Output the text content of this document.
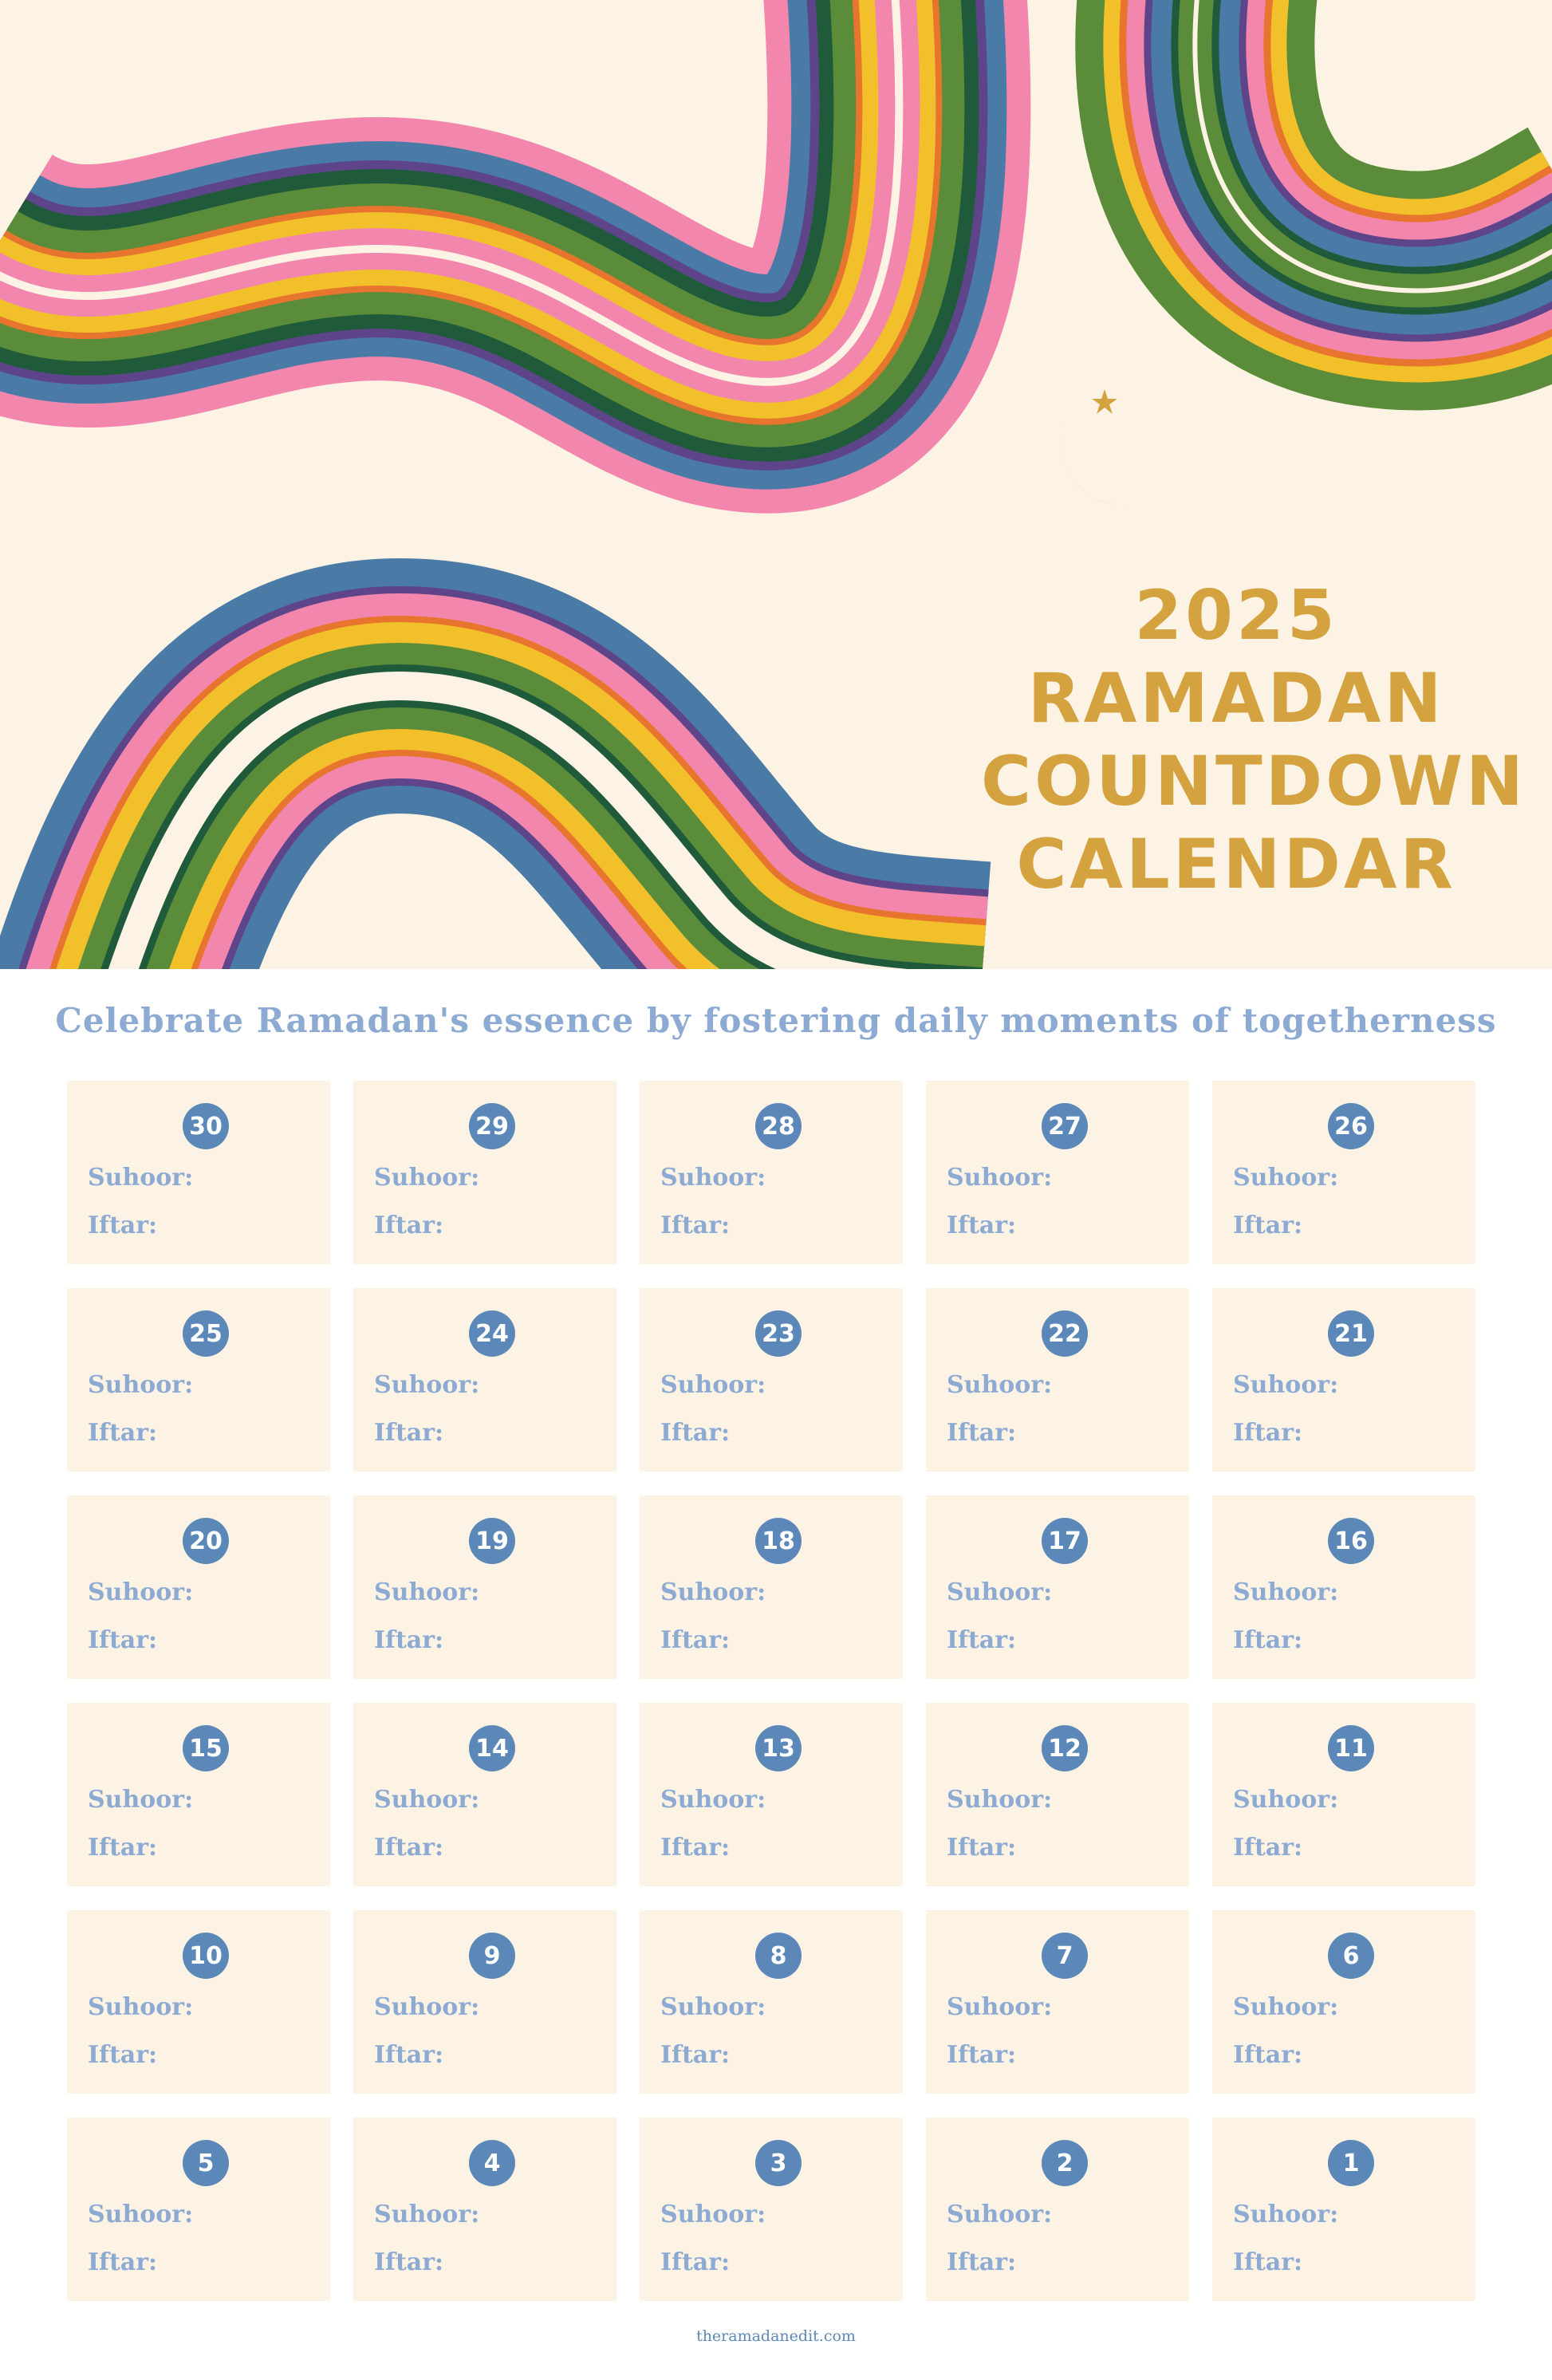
2025
RAMADAN
COUNTDOWN
CALENDAR
Celebrate Ramadan's essence by fostering daily moments of togetherness
30
Suhoor:
Iftar:
29
Suhoor:
Iftar:
28
Suhoor:
Iftar:
27
Suhoor:
Iftar:
26
Suhoor:
Iftar:
25
Suhoor:
Iftar:
24
Suhoor:
Iftar:
23
Suhoor:
Iftar:
22
Suhoor:
Iftar:
21
Suhoor:
Iftar:
20
Suhoor:
Iftar:
19
Suhoor:
Iftar:
18
Suhoor:
Iftar:
17
Suhoor:
Iftar:
16
Suhoor:
Iftar:
15
Suhoor:
Iftar:
14
Suhoor:
Iftar:
13
Suhoor:
Iftar:
12
Suhoor:
Iftar:
11
Suhoor:
Iftar:
10
Suhoor:
Iftar:
9
Suhoor:
Iftar:
8
Suhoor:
Iftar:
7
Suhoor:
Iftar:
6
Suhoor:
Iftar:
5
Suhoor:
Iftar:
4
Suhoor:
Iftar:
3
Suhoor:
Iftar:
2
Suhoor:
Iftar:
1
Suhoor:
Iftar:
theramadanedit.com
